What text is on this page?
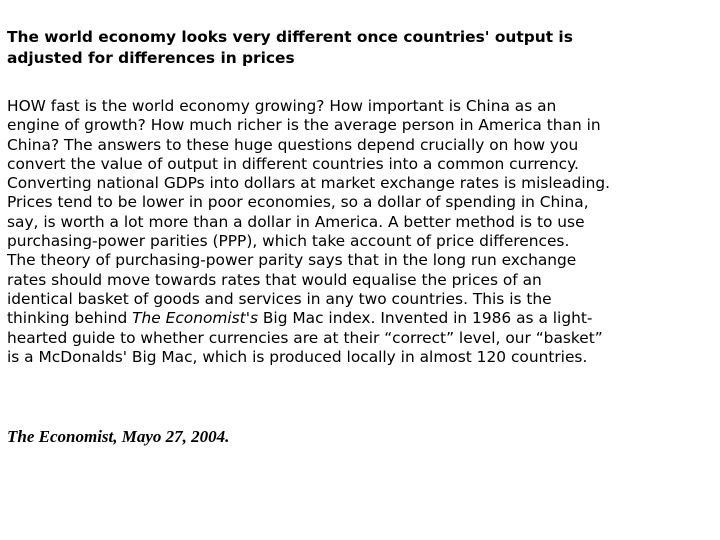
The world economy looks very different once countries' output is
adjusted for differences in prices
HOW fast is the world economy growing? How important is China as an
engine of growth? How much richer is the average person in America than in
China? The answers to these huge questions depend crucially on how you
convert the value of output in different countries into a common currency.
Converting national GDPs into dollars at market exchange rates is misleading.
Prices tend to be lower in poor economies, so a dollar of spending in China,
say, is worth a lot more than a dollar in America. A better method is to use
purchasing-power parities (PPP), which take account of price differences.
The theory of purchasing-power parity says that in the long run exchange
rates should move towards rates that would equalise the prices of an
identical basket of goods and services in any two countries. This is the
thinking behind The Economist's Big Mac index. Invented in 1986 as a light-
hearted guide to whether currencies are at their “correct” level, our “basket”
is a McDonalds' Big Mac, which is produced locally in almost 120 countries.

The Economist, Mayo 27, 2004.
